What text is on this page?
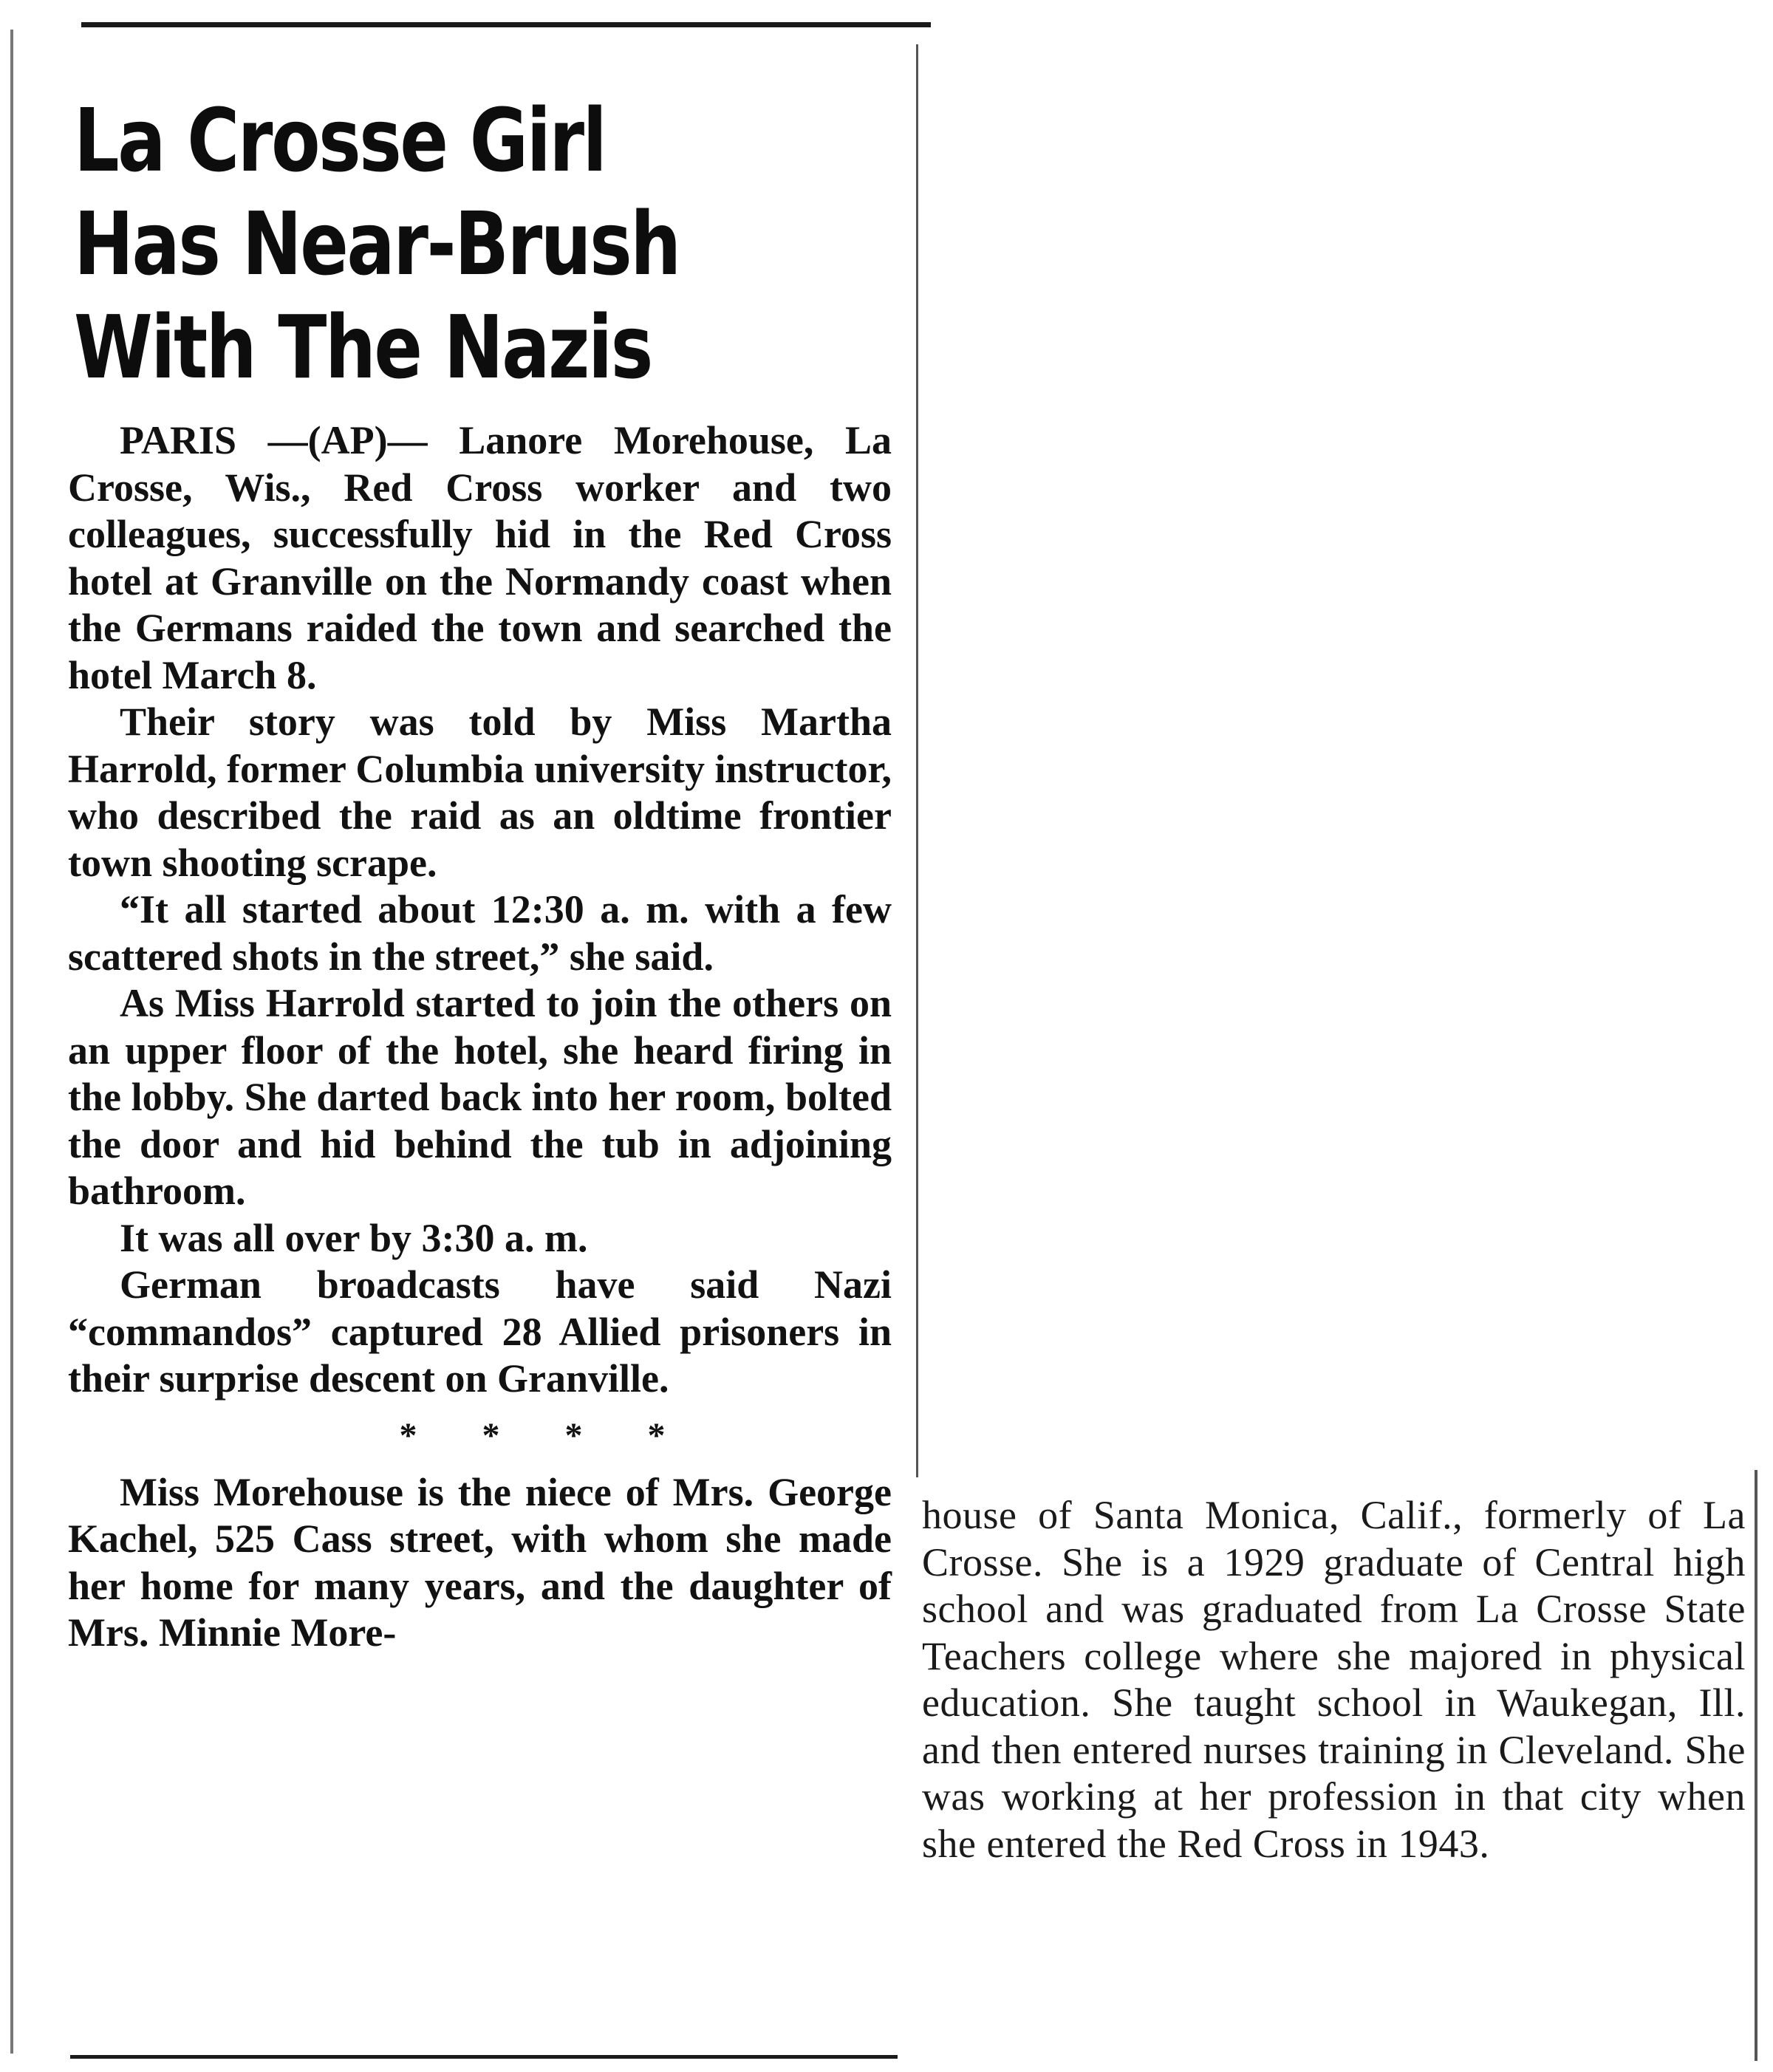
La Crosse Girl
Has Near-Brush
With The Nazis

PARIS —(AP)— Lanore Morehouse, La Crosse, Wis., Red Cross worker and two colleagues, successfully hid in the Red Cross hotel at Granville on the Normandy coast when the Germans raided the town and searched the hotel March 8.

Their story was told by Miss Martha Harrold, former Columbia university instructor, who described the raid as an oldtime frontier town shooting scrape.

“It all started about 12:30 a. m. with a few scattered shots in the street,” she said.

As Miss Harrold started to join the others on an upper floor of the hotel, she heard firing in the lobby. She darted back into her room, bolted the door and hid behind the tub in adjoining bathroom.

It was all over by 3:30 a. m.

German broadcasts have said Nazi “commandos” captured 28 Allied prisoners in their surprise descent on Granville.

* * * *

Miss Morehouse is the niece of Mrs. George Kachel, 525 Cass street, with whom she made her home for many years, and the daughter of Mrs. Minnie More-

house of Santa Monica, Calif., formerly of La Crosse. She is a 1929 graduate of Central high school and was graduated from La Crosse State Teachers college where she majored in physical education. She taught school in Waukegan, Ill. and then entered nurses training in Cleveland. She was working at her profession in that city when she entered the Red Cross in 1943.
